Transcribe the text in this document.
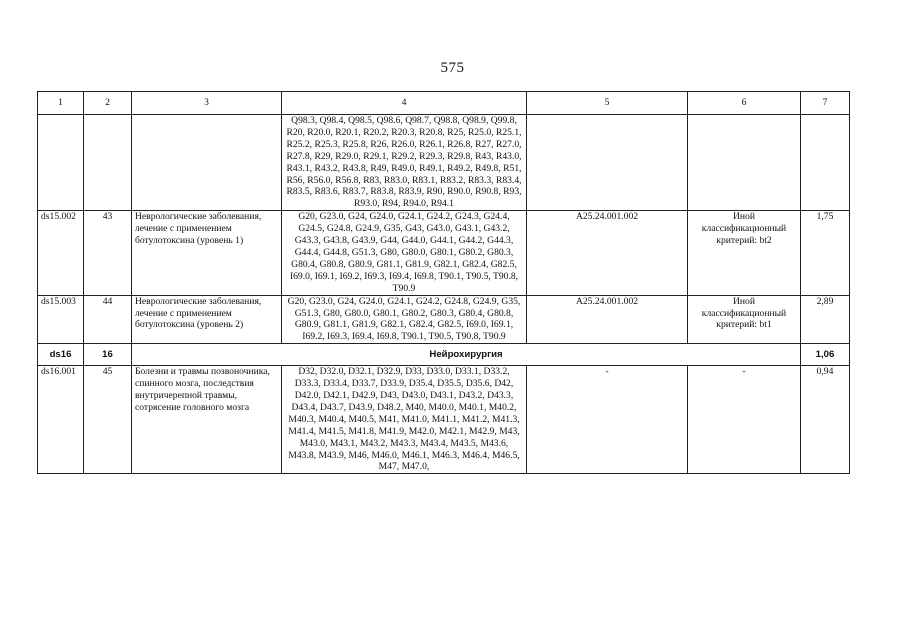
575
1	2	3	4	5	6	7
			Q98.3, Q98.4, Q98.5, Q98.6, Q98.7, Q98.8, Q98.9, Q99.8, R20, R20.0, R20.1, R20.2, R20.3, R20.8, R25, R25.0, R25.1, R25.2, R25.3, R25.8, R26, R26.0, R26.1, R26.8, R27, R27.0, R27.8, R29, R29.0, R29.1, R29.2, R29.3, R29.8, R43, R43.0, R43.1, R43.2, R43.8, R49, R49.0, R49.1, R49.2, R49.8, R51, R56, R56.0, R56.8, R83, R83.0, R83.1, R83.2, R83.3, R83.4, R83.5, R83.6, R83.7, R83.8, R83.9, R90, R90.0, R90.8, R93, R93.0, R94, R94.0, R94.1			
ds15.002	43	Неврологические заболевания, лечение с применением ботулотоксина (уровень 1)	G20, G23.0, G24, G24.0, G24.1, G24.2, G24.3, G24.4, G24.5, G24.8, G24.9, G35, G43, G43.0, G43.1, G43.2, G43.3, G43.8, G43.9, G44, G44.0, G44.1, G44.2, G44.3, G44.4, G44.8, G51.3, G80, G80.0, G80.1, G80.2, G80.3, G80.4, G80.8, G80.9, G81.1, G81.9, G82.1, G82.4, G82.5, I69.0, I69.1, I69.2, I69.3, I69.4, I69.8, T90.1, T90.5, T90.8, T90.9	A25.24.001.002	Иной классификационный критерий: bt2	1,75
ds15.003	44	Неврологические заболевания, лечение с применением ботулотоксина (уровень 2)	G20, G23.0, G24, G24.0, G24.1, G24.2, G24.8, G24.9, G35, G51.3, G80, G80.0, G80.1, G80.2, G80.3, G80.4, G80.8, G80.9, G81.1, G81.9, G82.1, G82.4, G82.5, I69.0, I69.1, I69.2, I69.3, I69.4, I69.8, T90.1, T90.5, T90.8, T90.9	A25.24.001.002	Иной классификационный критерий: bt1	2,89
ds16	16	Нейрохирургия				1,06
ds16.001	45	Болезни и травмы позвоночника, спинного мозга, последствия внутричерепной травмы, сотрясение головного мозга	D32, D32.0, D32.1, D32.9, D33, D33.0, D33.1, D33.2, D33.3, D33.4, D33.7, D33.9, D35.4, D35.5, D35.6, D42, D42.0, D42.1, D42.9, D43, D43.0, D43.1, D43.2, D43.3, D43.4, D43.7, D43.9, D48.2, M40, M40.0, M40.1, M40.2, M40.3, M40.4, M40.5, M41, M41.0, M41.1, M41.2, M41.3, M41.4, M41.5, M41.8, M41.9, M42.0, M42.1, M42.9, M43, M43.0, M43.1, M43.2, M43.3, M43.4, M43.5, M43.6, M43.8, M43.9, M46, M46.0, M46.1, M46.3, M46.4, M46.5, M47, M47.0,	-	-	0,94
